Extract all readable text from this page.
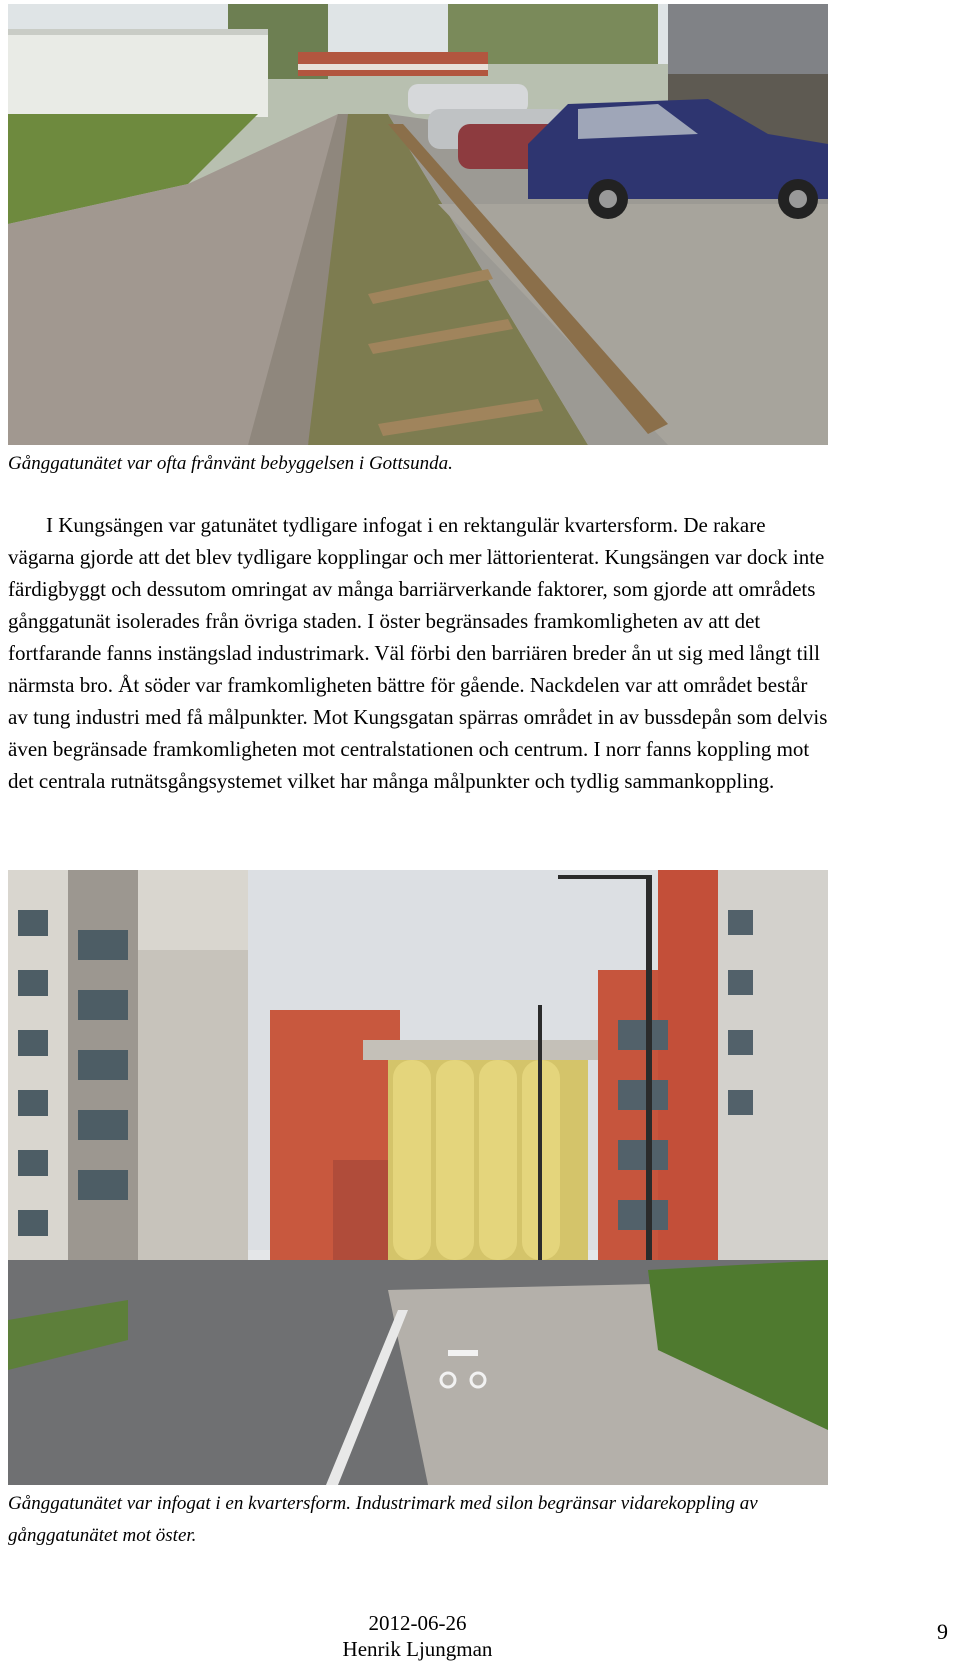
Gånggatunätet var ofta frånvänt bebyggelsen i Gottsunda.

I Kungsängen var gatunätet tydligare infogat i en rektangulär kvartersform. De rakare vägarna gjorde att det blev tydligare kopplingar och mer lättorienterat. Kungsängen var dock inte färdigbyggt och dessutom omringat av många barriärverkande faktorer, som gjorde att områdets gånggatunät isolerades från övriga staden. I öster begränsades framkomligheten av att det fortfarande fanns instängslad industrimark. Väl förbi den barriären breder ån ut sig med långt till närmsta bro. Åt söder var framkomligheten bättre för gående. Nackdelen var att området består av tung industri med få målpunkter. Mot Kungsgatan spärras området in av bussdepån som delvis även begränsade framkomligheten mot centralstationen och centrum. I norr fanns koppling mot det centrala rutnätsgångsystemet vilket har många målpunkter och tydlig sammankoppling.

Gånggatunätet var infogat i en kvartersform. Industrimark med silon begränsar vidarekoppling av gånggatunätet mot öster.
2012-06-26
Henrik Ljungman
9
